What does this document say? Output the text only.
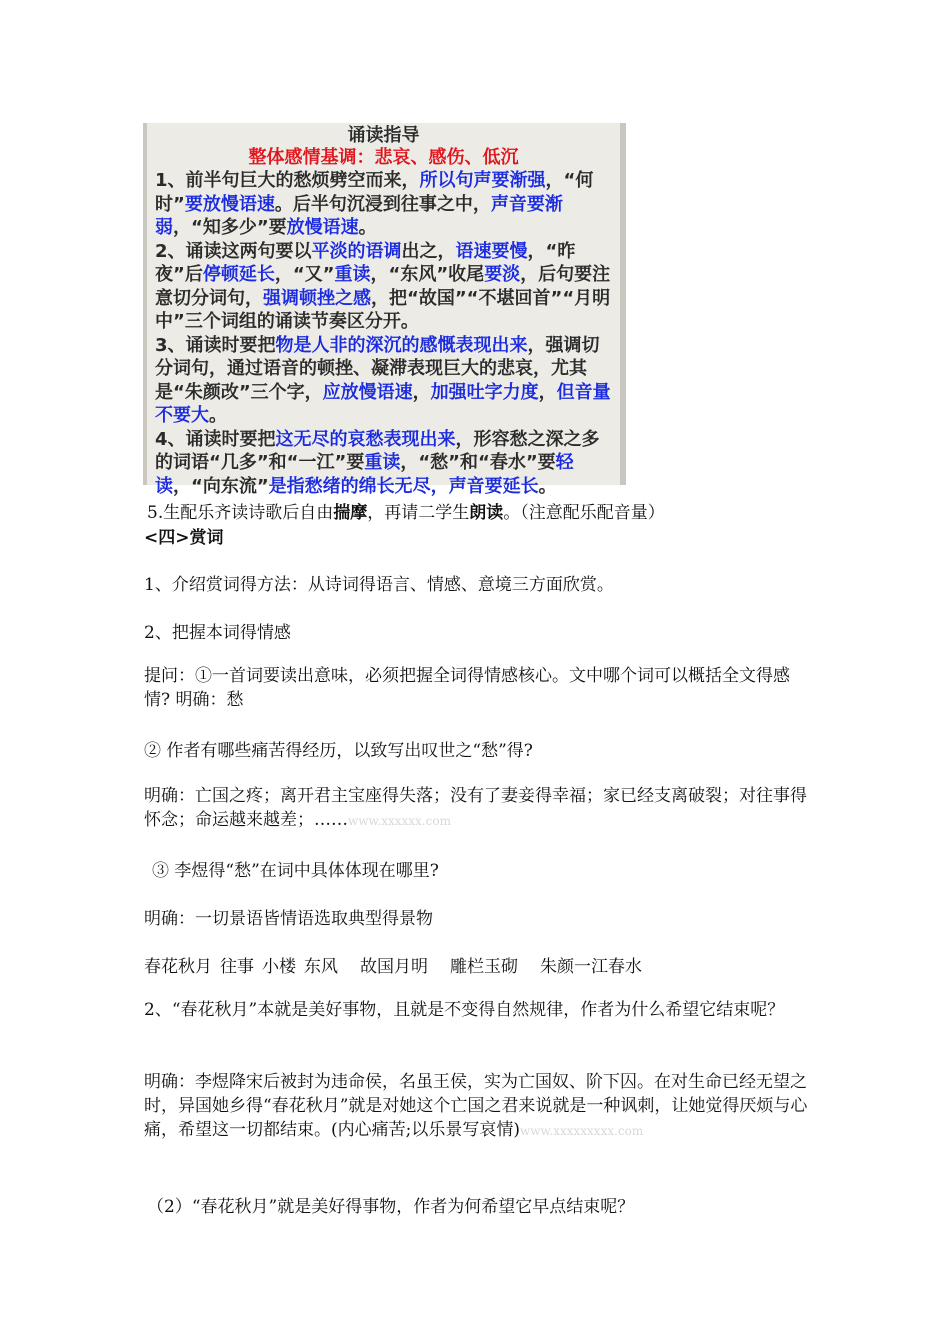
诵读指导
整体感情基调：悲哀、感伤、低沉

1、前半句巨大的愁烦劈空而来，所以句声要渐强，“何时”要放慢语速。后半句沉浸到往事之中，声音要渐弱，“知多少”要放慢语速。

2、诵读这两句要以平淡的语调出之，语速要慢，“昨夜”后停顿延长，“又”重读，“东风”收尾要淡，后句要注意切分词句，强调顿挫之感，把“故国”“不堪回首”“月明中”三个词组的诵读节奏区分开。

3、诵读时要把物是人非的深沉的感慨表现出来，强调切分词句，通过语音的顿挫、凝滞表现巨大的悲哀，尤其是“朱颜改”三个字，应放慢语速，加强吐字力度，但音量不要大。

4、诵读时要把这无尽的哀愁表现出来，形容愁之深之多的词语“几多”和“一江”要重读，“愁”和“春水”要轻读，“向东流”是指愁绪的绵长无尽，声音要延长。

5.生配乐齐读诗歌后自由揣摩，再请二学生朗读。（注意配乐配音量）
<四>赏词
1、介绍赏词得方法：从诗词得语言、情感、意境三方面欣赏。
2、把握本词得情感
提问：①一首词要读出意味，必须把握全词得情感核心。文中哪个词可以概括全文得感情? 明确：愁
② 作者有哪些痛苦得经历，以致写出叹世之“愁”得?
明确：亡国之疼；离开君主宝座得失落；没有了妻妾得幸福；家已经支离破裂；对往事得怀念；命运越来越差；……www.xxxxxx.com
③ 李煜得“愁”在词中具体体现在哪里?
明确：一切景语皆情语选取典型得景物
春花秋月 往事 小楼 东风 故国月明 雕栏玉砌 朱颜一江春水
2、“春花秋月”本就是美好事物，且就是不变得自然规律，作者为什么希望它结束呢？
明确：李煜降宋后被封为违命侯，名虽王侯，实为亡国奴、阶下囚。在对生命已经无望之时，异国她乡得“春花秋月”就是对她这个亡国之君来说就是一种讽刺，让她觉得厌烦与心痛，希望这一切都结束。(内心痛苦;以乐景写哀情)www.xxxxxxxxx.com
（2）“春花秋月”就是美好得事物，作者为何希望它早点结束呢？
